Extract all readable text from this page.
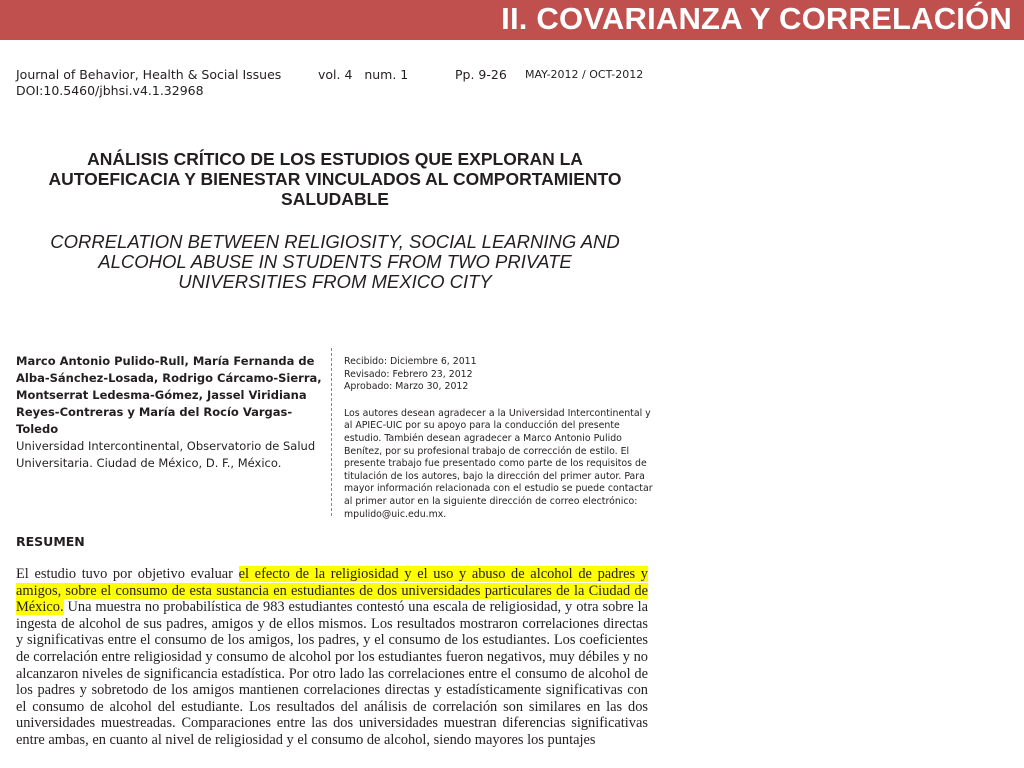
II. COVARIANZA Y CORRELACIÓN
Journal of Behavior, Health & Social Issues
DOI:10.5460/jbhsi.v4.1.32968
vol. 4   num. 1	Pp. 9-26 MAY-2012 / OCT-2012
ANÁLISIS CRÍTICO DE LOS ESTUDIOS QUE EXPLORAN LA AUTOEFICACIA Y BIENESTAR VINCULADOS AL COMPORTAMIENTO SALUDABLE
CORRELATION BETWEEN RELIGIOSITY, SOCIAL LEARNING AND ALCOHOL ABUSE IN STUDENTS FROM TWO PRIVATE UNIVERSITIES FROM MEXICO CITY
Marco Antonio Pulido-Rull, María Fernanda de Alba-Sánchez-Losada, Rodrigo Cárcamo-Sierra, Montserrat Ledesma-Gómez, Jassel Viridiana Reyes-Contreras y María del Rocío Vargas-Toledo
Universidad Intercontinental, Observatorio de Salud Universitaria. Ciudad de México, D. F., México.
Recibido: Diciembre 6, 2011
Revisado: Febrero 23, 2012
Aprobado: Marzo 30, 2012
Los autores desean agradecer a la Universidad Intercontinental y al APIEC-UIC por su apoyo para la conducción del presente estudio. También desean agradecer a Marco Antonio Pulido Benítez, por su profesional trabajo de corrección de estilo. El presente trabajo fue presentado como parte de los requisitos de titulación de los autores, bajo la dirección del primer autor. Para mayor información relacionada con el estudio se puede contactar al primer autor en la siguiente dirección de correo electrónico: mpulido@uic.edu.mx.
RESUMEN
El estudio tuvo por objetivo evaluar el efecto de la religiosidad y el uso y abuso de alcohol de padres y amigos, sobre el consumo de esta sustancia en estudiantes de dos universidades particulares de la Ciudad de México. Una muestra no probabilística de 983 estudiantes contestó una escala de religiosidad, y otra sobre la ingesta de alcohol de sus padres, amigos y de ellos mismos. Los resultados mostraron correlaciones directas y significativas entre el consumo de los amigos, los padres, y el consumo de los estudiantes. Los coeficientes de correlación entre religiosidad y consumo de alcohol por los estudiantes fueron negativos, muy débiles y no alcanzaron niveles de significancia estadística. Por otro lado las correlaciones entre el consumo de alcohol de los padres y sobretodo de los amigos mantienen correlaciones directas y estadísticamente significativas con el consumo de alcohol del estudiante. Los resultados del análisis de correlación son similares en las dos universidades muestreadas. Comparaciones entre las dos universidades muestran diferencias significativas entre ambas, en cuanto al nivel de religiosidad y el consumo de alcohol, siendo mayores los puntajes
